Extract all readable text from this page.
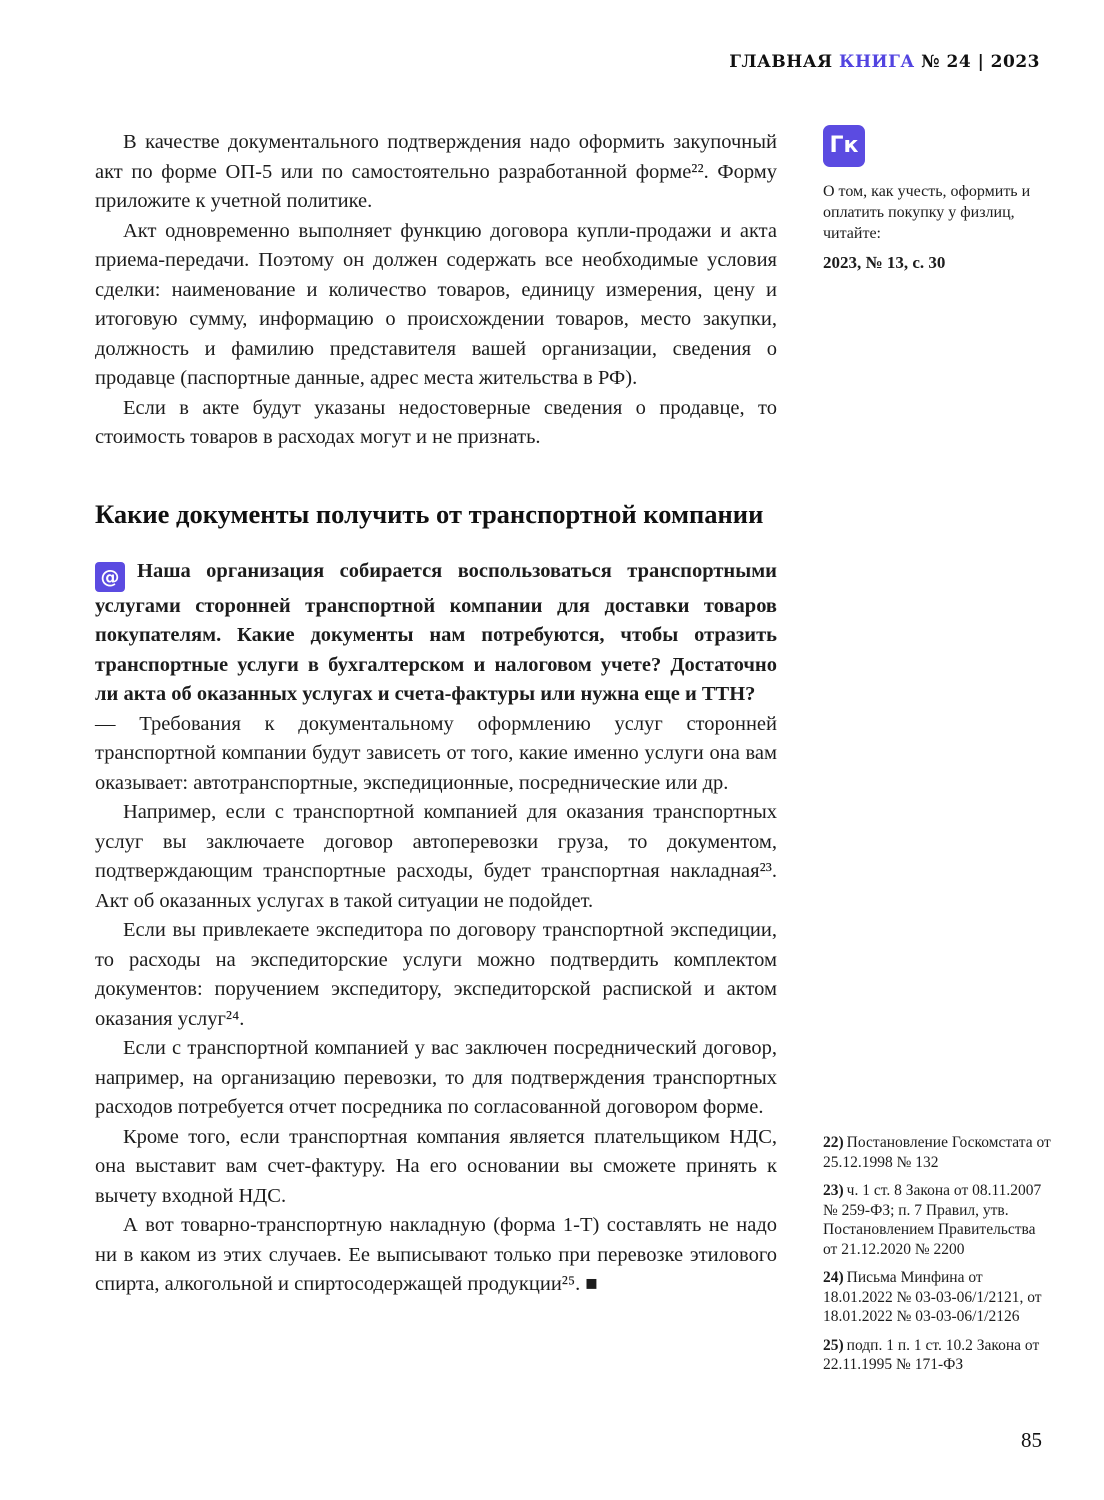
ГЛАВНАЯ КНИГА № 24 | 2023

В качестве документального подтверждения надо оформить закупочный акт по форме ОП-5 или по самостоятельно разработанной форме²². Форму приложите к учетной политике.

Акт одновременно выполняет функцию договора купли-продажи и акта приема-передачи. Поэтому он должен содержать все необходимые условия сделки: наименование и количество товаров, единицу измерения, цену и итоговую сумму, информацию о происхождении товаров, место закупки, должность и фамилию представителя вашей организации, сведения о продавце (паспортные данные, адрес места жительства в РФ).

Если в акте будут указаны недостоверные сведения о продавце, то стоимость товаров в расходах могут и не признать.

Какие документы получить от транспортной компании

@ Наша организация собирается воспользоваться транспортными услугами сторонней транспортной компании для доставки товаров покупателям. Какие документы нам потребуются, чтобы отразить транспортные услуги в бухгалтерском и налоговом учете? Достаточно ли акта об оказанных услугах и счета-фактуры или нужна еще и ТТН?

— Требования к документальному оформлению услуг сторонней транспортной компании будут зависеть от того, какие именно услуги она вам оказывает: автотранспортные, экспедиционные, посреднические или др.

Например, если с транспортной компанией для оказания транспортных услуг вы заключаете договор автоперевозки груза, то документом, подтверждающим транспортные расходы, будет транспортная накладная²³. Акт об оказанных услугах в такой ситуации не подойдет.

Если вы привлекаете экспедитора по договору транспортной экспедиции, то расходы на экспедиторские услуги можно подтвердить комплектом документов: поручением экспедитору, экспедиторской распиской и актом оказания услуг²⁴.

Если с транспортной компанией у вас заключен посреднический договор, например, на организацию перевозки, то для подтверждения транспортных расходов потребуется отчет посредника по согласованной договором форме.

Кроме того, если транспортная компания является плательщиком НДС, она выставит вам счет-фактуру. На его основании вы сможете принять к вычету входной НДС.

А вот товарно-транспортную накладную (форма 1-Т) составлять не надо ни в каком из этих случаев. Ее выписывают только при перевозке этилового спирта, алкогольной и спиртосодержащей продукции²⁵. ■

Гк

О том, как учесть, оформить и оплатить покупку у физлиц, читайте:

2023, № 13, с. 30

22) Постановление Госкомстата от 25.12.1998 № 132

23) ч. 1 ст. 8 Закона от 08.11.2007 № 259-ФЗ; п. 7 Правил, утв. Постановлением Правительства от 21.12.2020 № 2200

24) Письма Минфина от 18.01.2022 № 03-03-06/1/2121, от 18.01.2022 № 03-03-06/1/2126

25) подп. 1 п. 1 ст. 10.2 Закона от 22.11.1995 № 171-ФЗ

85
